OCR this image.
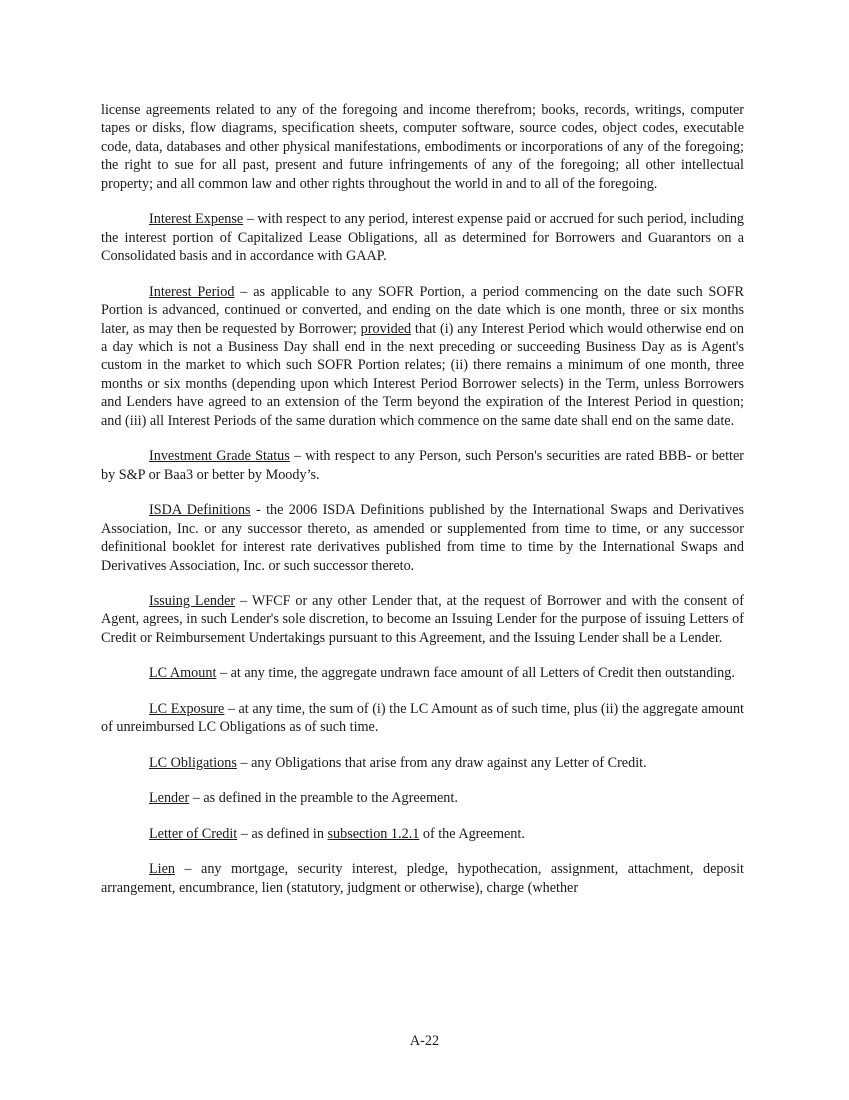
license agreements related to any of the foregoing and income therefrom; books, records, writings, computer tapes or disks, flow diagrams, specification sheets, computer software, source codes, object codes, executable code, data, databases and other physical manifestations, embodiments or incorporations of any of the foregoing; the right to sue for all past, present and future infringements of any of the foregoing; all other intellectual property; and all common law and other rights throughout the world in and to all of the foregoing.

Interest Expense – with respect to any period, interest expense paid or accrued for such period, including the interest portion of Capitalized Lease Obligations, all as determined for Borrowers and Guarantors on a Consolidated basis and in accordance with GAAP.

Interest Period – as applicable to any SOFR Portion, a period commencing on the date such SOFR Portion is advanced, continued or converted, and ending on the date which is one month, three or six months later, as may then be requested by Borrower; provided that (i) any Interest Period which would otherwise end on a day which is not a Business Day shall end in the next preceding or succeeding Business Day as is Agent's custom in the market to which such SOFR Portion relates; (ii) there remains a minimum of one month, three months or six months (depending upon which Interest Period Borrower selects) in the Term, unless Borrowers and Lenders have agreed to an extension of the Term beyond the expiration of the Interest Period in question; and (iii) all Interest Periods of the same duration which commence on the same date shall end on the same date.

Investment Grade Status – with respect to any Person, such Person's securities are rated BBB- or better by S&P or Baa3 or better by Moody’s.

ISDA Definitions - the 2006 ISDA Definitions published by the International Swaps and Derivatives Association, Inc. or any successor thereto, as amended or supplemented from time to time, or any successor definitional booklet for interest rate derivatives published from time to time by the International Swaps and Derivatives Association, Inc. or such successor thereto.

Issuing Lender – WFCF or any other Lender that, at the request of Borrower and with the consent of Agent, agrees, in such Lender's sole discretion, to become an Issuing Lender for the purpose of issuing Letters of Credit or Reimbursement Undertakings pursuant to this Agreement, and the Issuing Lender shall be a Lender.

LC Amount – at any time, the aggregate undrawn face amount of all Letters of Credit then outstanding.

LC Exposure – at any time, the sum of (i) the LC Amount as of such time, plus (ii) the aggregate amount of unreimbursed LC Obligations as of such time.

LC Obligations – any Obligations that arise from any draw against any Letter of Credit.

Lender – as defined in the preamble to the Agreement.

Letter of Credit – as defined in subsection 1.2.1 of the Agreement.

Lien – any mortgage, security interest, pledge, hypothecation, assignment, attachment, deposit arrangement, encumbrance, lien (statutory, judgment or otherwise), charge (whether

A-22
